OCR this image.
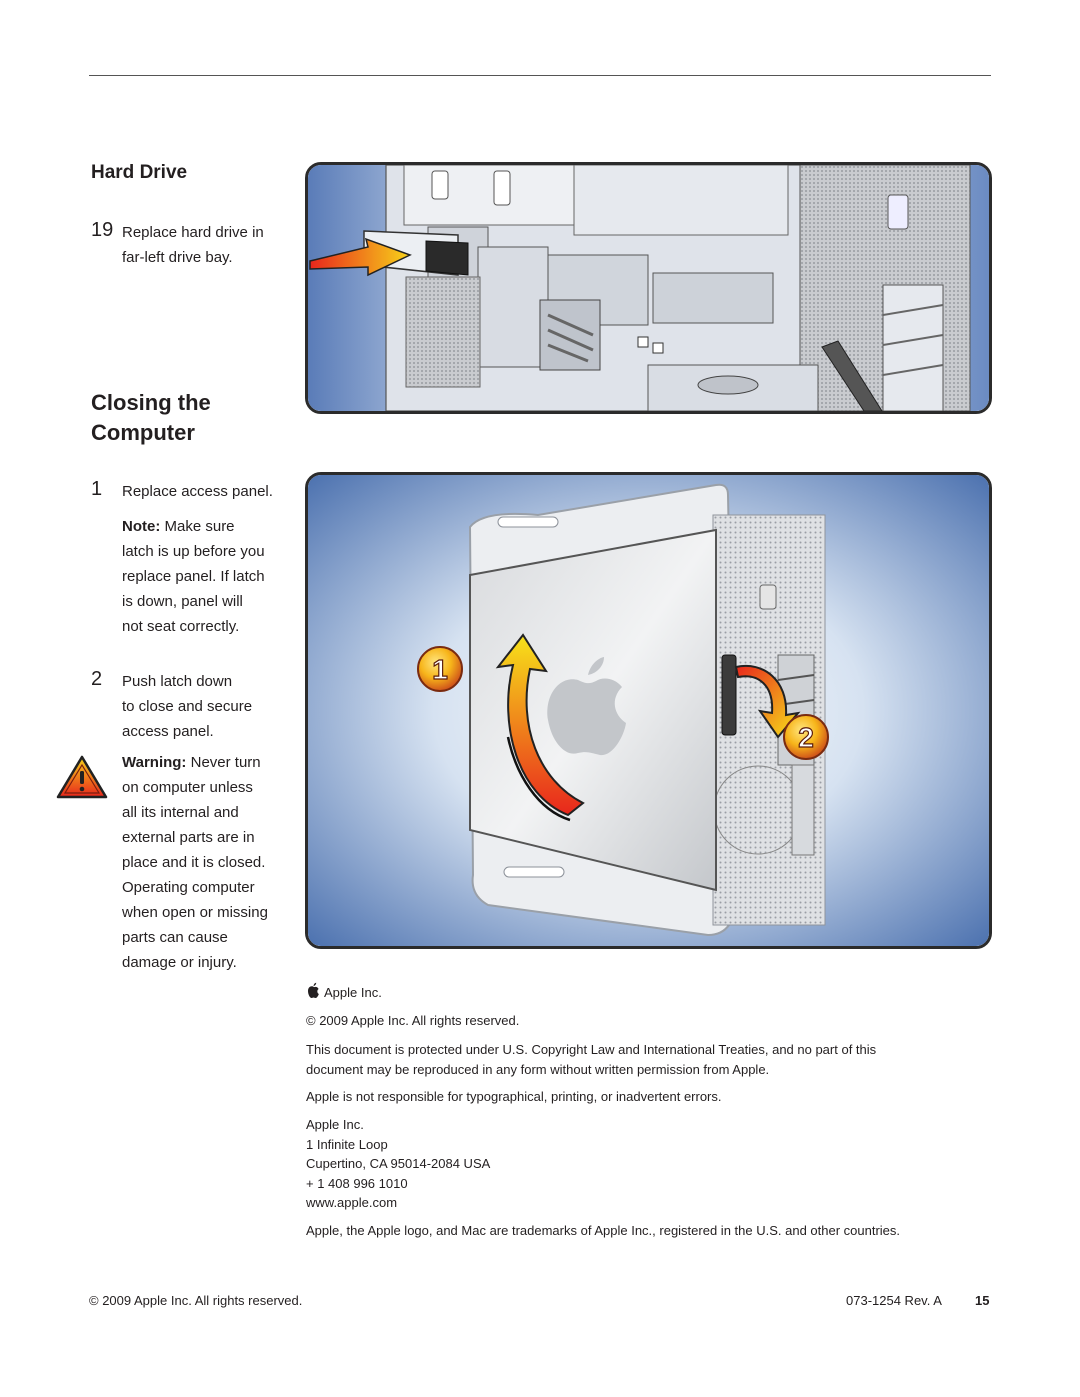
Hard Drive
19 Replace hard drive in
far-left drive bay.
Closing the
Computer
1 Replace access panel.
Note: Make sure
latch is up before you
replace panel. If latch
is down, panel will
not seat correctly.
2 Push latch down
to close and secure
access panel.
Warning: Never turn
on computer unless
all its internal and
external parts are in
place and it is closed.
Operating computer
when open or missing
parts can cause
damage or injury.
1
2
Apple Inc.
© 2009 Apple Inc. All rights reserved.
This document is protected under U.S. Copyright Law and International Treaties, and no part of this
document may be reproduced in any form without written permission from Apple.
Apple is not responsible for typographical, printing, or inadvertent errors.
Apple Inc.
1 Infinite Loop
Cupertino, CA 95014-2084 USA
+ 1 408 996 1010
www.apple.com
Apple, the Apple logo, and Mac are trademarks of Apple Inc., registered in the U.S. and other countries.
© 2009 Apple Inc. All rights reserved.	073-1254 Rev. A	15
